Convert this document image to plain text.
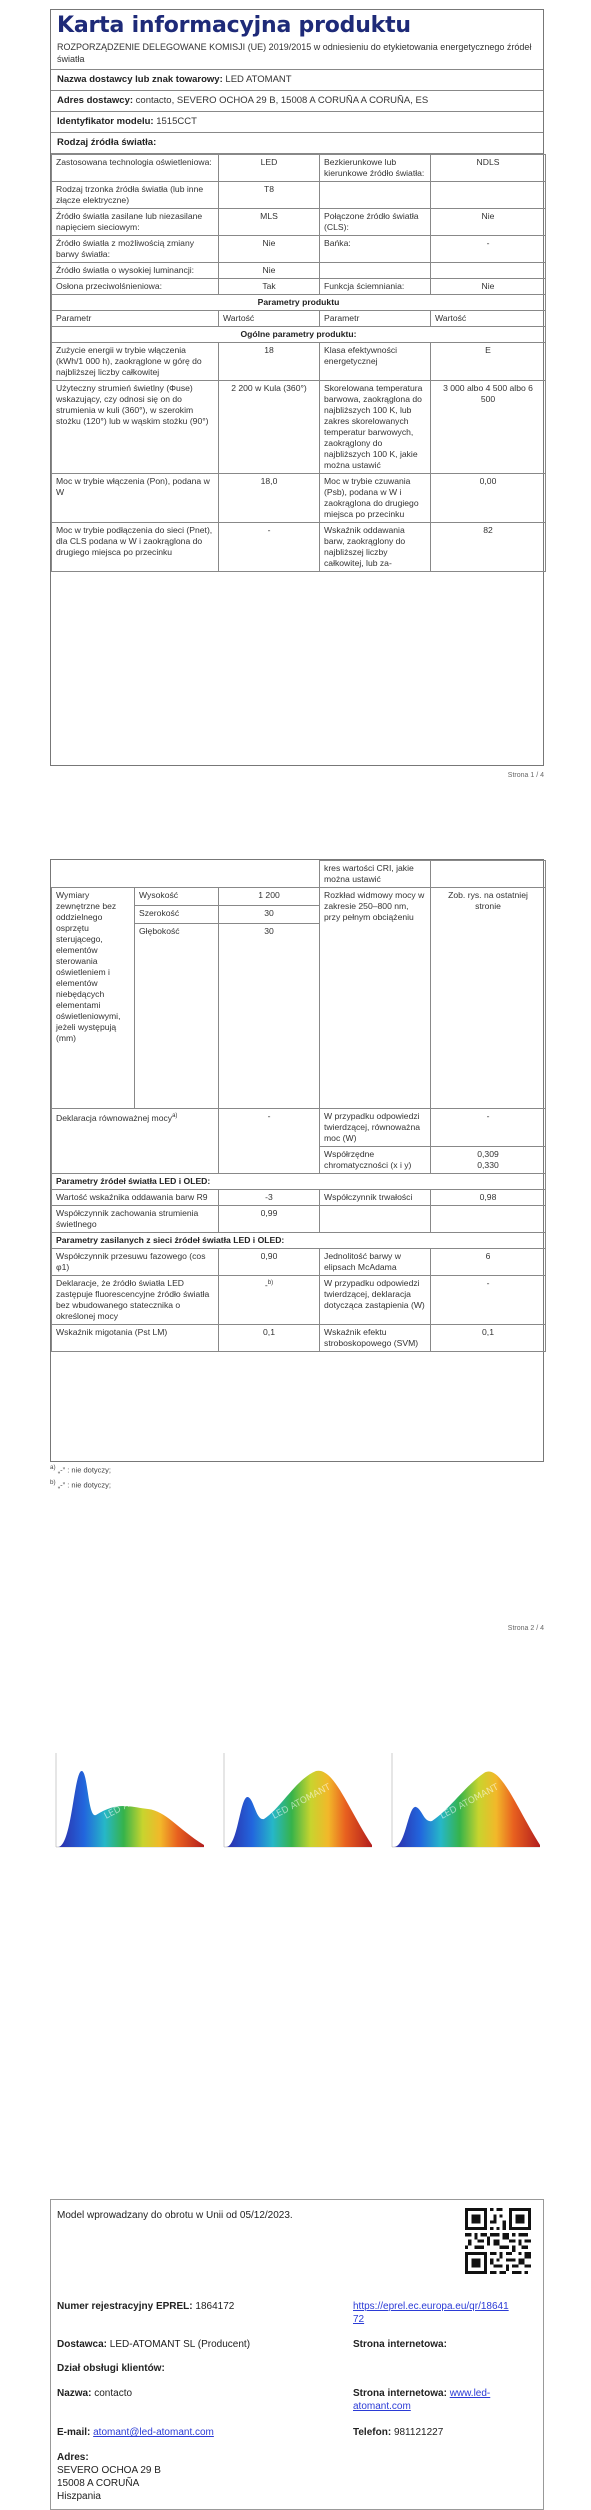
Karta informacyjna produktu
ROZPORZĄDZENIE DELEGOWANE KOMISJI (UE) 2019/2015 w odniesieniu do etykietowania energetycznego źródeł światła
Nazwa dostawcy lub znak towarowy: LED ATOMANT
Adres dostawcy: contacto, SEVERO OCHOA 29 B, 15008 A CORUÑA A CORUÑA, ES
Identyfikator modelu: 1515CCT
Rodzaj źródła światła:
Zastosowana technologia oświetleniowa:	LED	Bezkierunkowe lub kierunkowe źródło światła:	NDLS
Rodzaj trzonka źródła światła (lub inne złącze elektryczne)	T8		
Źródło światła zasilane lub niezasilane napięciem sieciowym:	MLS	Połączone źródło światła (CLS):	Nie
Źródło światła z możliwością zmiany barwy światła:	Nie	Bańka:	-
Źródło światła o wysokiej luminancji:	Nie		
Osłona przeciwolśnieniowa:	Tak	Funkcja ściemniania:	Nie
Parametry produktu			
Parametr	Wartość	Parametr	Wartość
Ogólne parametry produktu:			
Zużycie energii w trybie włączenia (kWh/1 000 h), zaokrąglone w górę do najbliższej liczby całkowitej	18	Klasa efektywności energetycznej	E
Użyteczny strumień świetlny (Φuse) wskazujący, czy odnosi się on do strumienia w kuli (360°), w szerokim stożku (120°) lub w wąskim stożku (90°)	2 200 w Kula (360°)	Skorelowana temperatura barwowa, zaokrąglona do najbliższych 100 K, lub zakres skorelowanych temperatur barwowych, zaokrąglony do najbliższych 100 K, jakie można ustawić	3 000 albo 4 500 albo 6 500
Moc w trybie włączenia (Pon), podana w W	18,0	Moc w trybie czuwania (Psb), podana w W i zaokrąglona do drugiego miejsca po przecinku	0,00
Moc w trybie podłączenia do sieci (Pnet), dla CLS podana w W i zaokrąglona do drugiego miejsca po przecinku	-	Wskaźnik oddawania barw, zaokrąglony do najbliższej liczby całkowitej, lub za-	82
Strona 1 / 4
			kres wartości CRI, jakie można ustawić	
Wymiary zewnętrzne bez oddzielnego osprzętu sterującego, elementów sterowania oświetleniem i elementów niebędących elementami oświetleniowymi, jeżeli występują (mm)	Wysokość	1 200	Rozkład widmowy mocy w zakresie 250–800 nm, przy pełnym obciążeniu	Zob. rys. na ostatniej stronie
	Szerokość	30		
	Głębokość	30		
Deklaracja równoważnej mocy$^{a)}$		-	W przypadku odpowiedzi twierdzącej, równoważna moc (W)	-
			Współrzędne chromatyczności (x i y)	0,309
0,330

Parametry źródeł światła LED i OLED:				
Wartość wskaźnika oddawania barw R9		-3	Współczynnik trwałości	0,98
Współczynnik zachowania strumienia świetlnego		0,99		
Parametry zasilanych z sieci źródeł światła LED i OLED:				
Współczynnik przesuwu fazowego (cos φ1)		0,90	Jednolitość barwy w elipsach McAdama	6
Deklaracje, że źródło światła LED zastępuje fluorescencyjne źródło światła bez wbudowanego statecznika o określonej mocy		-$^{b)}$	W przypadku odpowiedzi twierdzącej, deklaracja dotycząca zastąpienia (W)	-
Wskaźnik migotania (Pst LM)		0,1	Wskaźnik efektu stroboskopowego (SVM)	0,1
$^{a)}$ „-” : nie dotyczy;
$^{b)}$ „-” : nie dotyczy;
Strona 2 / 4
LED ATOMANT	LED ATOMANT	LED ATOMANT
Model wprowadzany do obrotu w Unii od 05/12/2023.
Numer rejestracyjny EPREL: 1864172	https://eprel.ec.europa.eu/qr/1864172
Dostawca: LED-ATOMANT SL (Producent)	Strona internetowa:
Dział obsługi klientów:
Nazwa: contacto	Strona internetowa: www.led-atomant.com
E-mail: atomant@led-atomant.com	Telefon: 981121227
Adres:
SEVERO OCHOA 29 B
15008 A CORUÑA
Hiszpania
